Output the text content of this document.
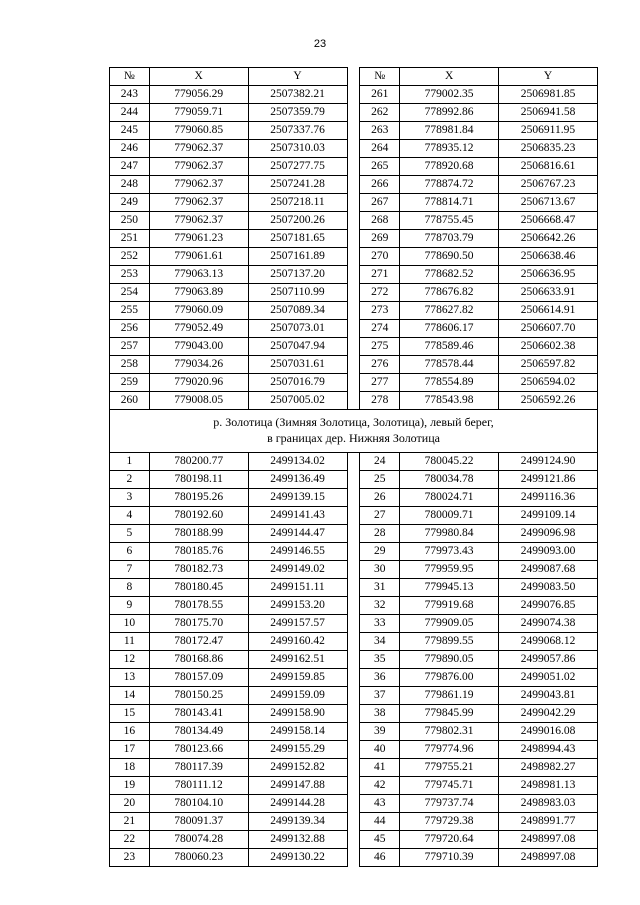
23
№	X	Y		№	X	Y
243	779056.29	2507382.21		261	779002.35	2506981.85
244	779059.71	2507359.79		262	778992.86	2506941.58
245	779060.85	2507337.76		263	778981.84	2506911.95
246	779062.37	2507310.03		264	778935.12	2506835.23
247	779062.37	2507277.75		265	778920.68	2506816.61
248	779062.37	2507241.28		266	778874.72	2506767.23
249	779062.37	2507218.11		267	778814.71	2506713.67
250	779062.37	2507200.26		268	778755.45	2506668.47
251	779061.23	2507181.65		269	778703.79	2506642.26
252	779061.61	2507161.89		270	778690.50	2506638.46
253	779063.13	2507137.20		271	778682.52	2506636.95
254	779063.89	2507110.99		272	778676.82	2506633.91
255	779060.09	2507089.34		273	778627.82	2506614.91
256	779052.49	2507073.01		274	778606.17	2506607.70
257	779043.00	2507047.94		275	778589.46	2506602.38
258	779034.26	2507031.61		276	778578.44	2506597.82
259	779020.96	2507016.79		277	778554.89	2506594.02
260	779008.05	2507005.02		278	778543.98	2506592.26
р. Золотица (Зимняя Золотица, Золотица), левый берег,
в границах дер. Нижняя Золотица						
1	780200.77	2499134.02		24	780045.22	2499124.90
2	780198.11	2499136.49		25	780034.78	2499121.86
3	780195.26	2499139.15		26	780024.71	2499116.36
4	780192.60	2499141.43		27	780009.71	2499109.14
5	780188.99	2499144.47		28	779980.84	2499096.98
6	780185.76	2499146.55		29	779973.43	2499093.00
7	780182.73	2499149.02		30	779959.95	2499087.68
8	780180.45	2499151.11		31	779945.13	2499083.50
9	780178.55	2499153.20		32	779919.68	2499076.85
10	780175.70	2499157.57		33	779909.05	2499074.38
11	780172.47	2499160.42		34	779899.55	2499068.12
12	780168.86	2499162.51		35	779890.05	2499057.86
13	780157.09	2499159.85		36	779876.00	2499051.02
14	780150.25	2499159.09		37	779861.19	2499043.81
15	780143.41	2499158.90		38	779845.99	2499042.29
16	780134.49	2499158.14		39	779802.31	2499016.08
17	780123.66	2499155.29		40	779774.96	2498994.43
18	780117.39	2499152.82		41	779755.21	2498982.27
19	780111.12	2499147.88		42	779745.71	2498981.13
20	780104.10	2499144.28		43	779737.74	2498983.03
21	780091.37	2499139.34		44	779729.38	2498991.77
22	780074.28	2499132.88		45	779720.64	2498997.08
23	780060.23	2499130.22		46	779710.39	2498997.08
